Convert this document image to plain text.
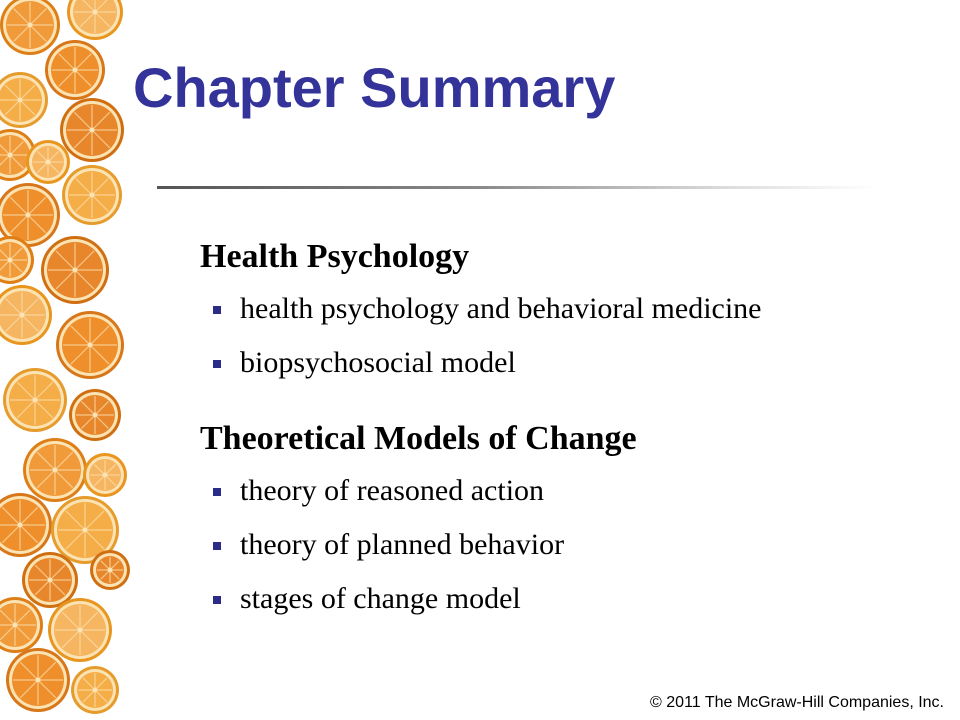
Chapter Summary
Health Psychology
health psychology and behavioral medicine
biopsychosocial model
Theoretical Models of Change
theory of reasoned action
theory of planned behavior
stages of change model
© 2011 The McGraw-Hill Companies, Inc.
